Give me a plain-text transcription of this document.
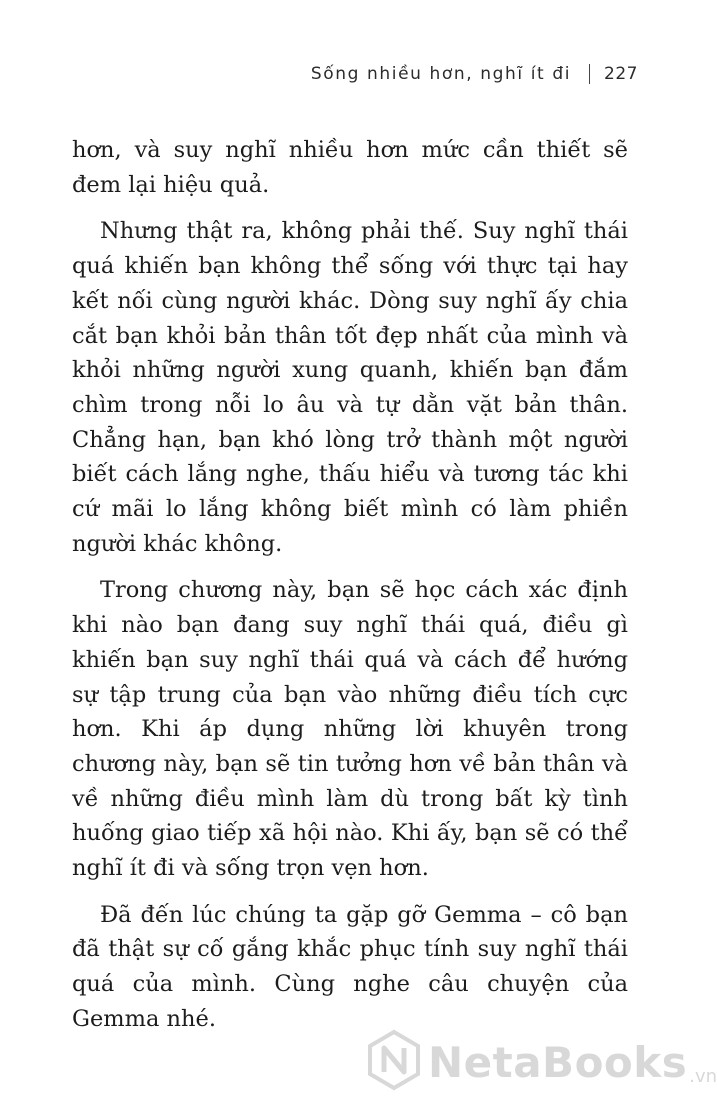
Sống nhiều hơn, nghĩ ít đi 227

hơn, và suy nghĩ nhiều hơn mức cần thiết sẽ đem lại hiệu quả.

Nhưng thật ra, không phải thế. Suy nghĩ thái quá khiến bạn không thể sống với thực tại hay kết nối cùng người khác. Dòng suy nghĩ ấy chia cắt bạn khỏi bản thân tốt đẹp nhất của mình và khỏi những người xung quanh, khiến bạn đắm chìm trong nỗi lo âu và tự dằn vặt bản thân. Chẳng hạn, bạn khó lòng trở thành một người biết cách lắng nghe, thấu hiểu và tương tác khi cứ mãi lo lắng không biết mình có làm phiền người khác không.

Trong chương này, bạn sẽ học cách xác định khi nào bạn đang suy nghĩ thái quá, điều gì khiến bạn suy nghĩ thái quá và cách để hướng sự tập trung của bạn vào những điều tích cực hơn. Khi áp dụng những lời khuyên trong chương này, bạn sẽ tin tưởng hơn về bản thân và về những điều mình làm dù trong bất kỳ tình huống giao tiếp xã hội nào. Khi ấy, bạn sẽ có thể nghĩ ít đi và sống trọn vẹn hơn.

Đã đến lúc chúng ta gặp gỡ Gemma – cô bạn đã thật sự cố gắng khắc phục tính suy nghĩ thái quá của mình. Cùng nghe câu chuyện của Gemma nhé.

NetaBooks .vn
